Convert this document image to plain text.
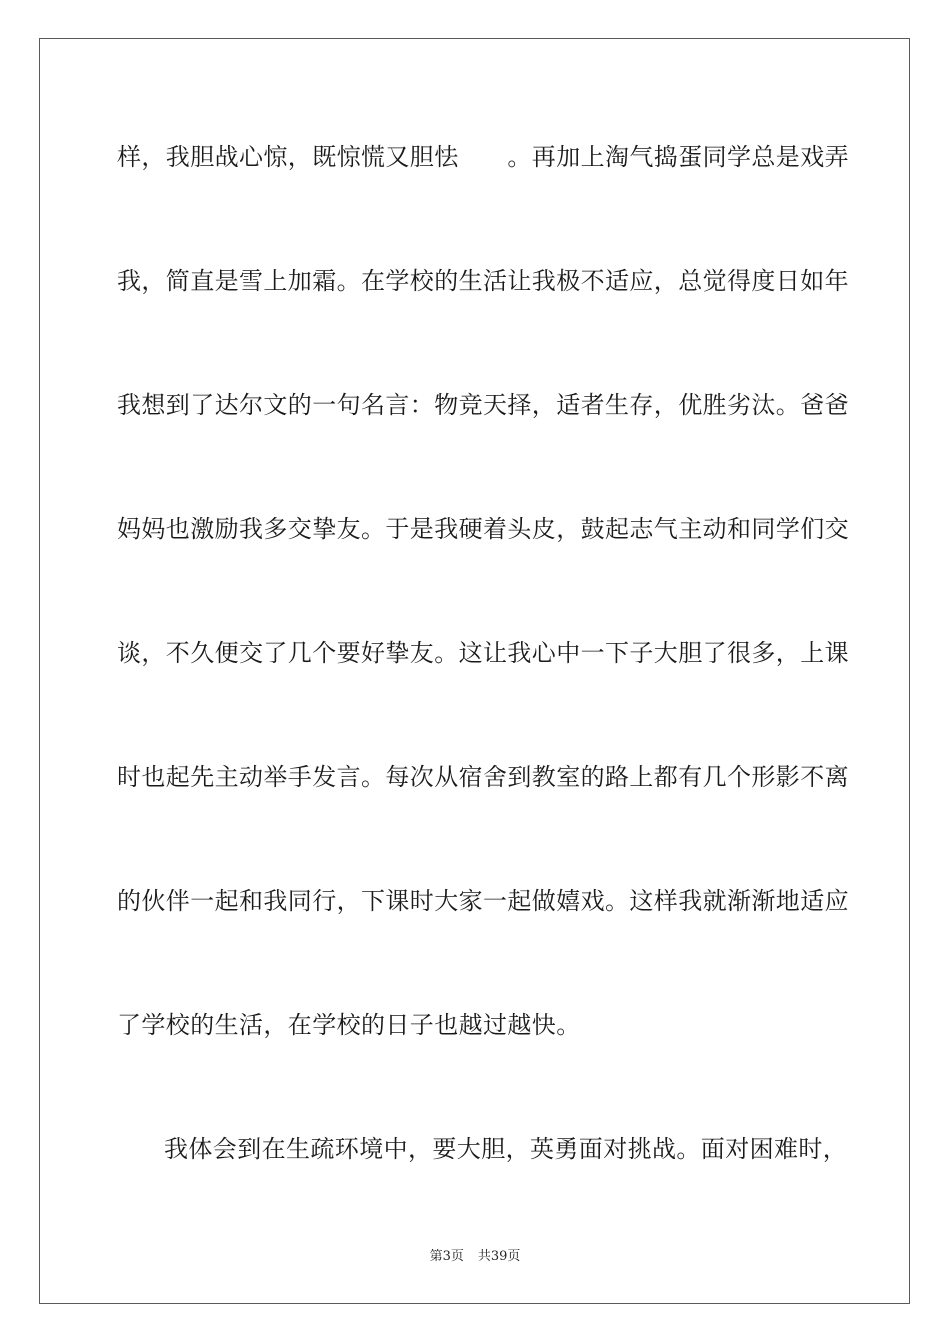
样，我胆战心惊，既惊慌又胆怯　　。再加上淘气捣蛋同学总是戏弄
我，简直是雪上加霜。在学校的生活让我极不适应，总觉得度日如年
我想到了达尔文的一句名言：物竞天择，适者生存，优胜劣汰。爸爸
妈妈也激励我多交挚友。于是我硬着头皮，鼓起志气主动和同学们交
谈，不久便交了几个要好挚友。这让我心中一下子大胆了很多，上课
时也起先主动举手发言。每次从宿舍到教室的路上都有几个形影不离
的伙伴一起和我同行，下课时大家一起做嬉戏。这样我就渐渐地适应
了学校的生活，在学校的日子也越过越快。
我体会到在生疏环境中，要大胆，英勇面对挑战。面对困难时，
第3页 共39页
